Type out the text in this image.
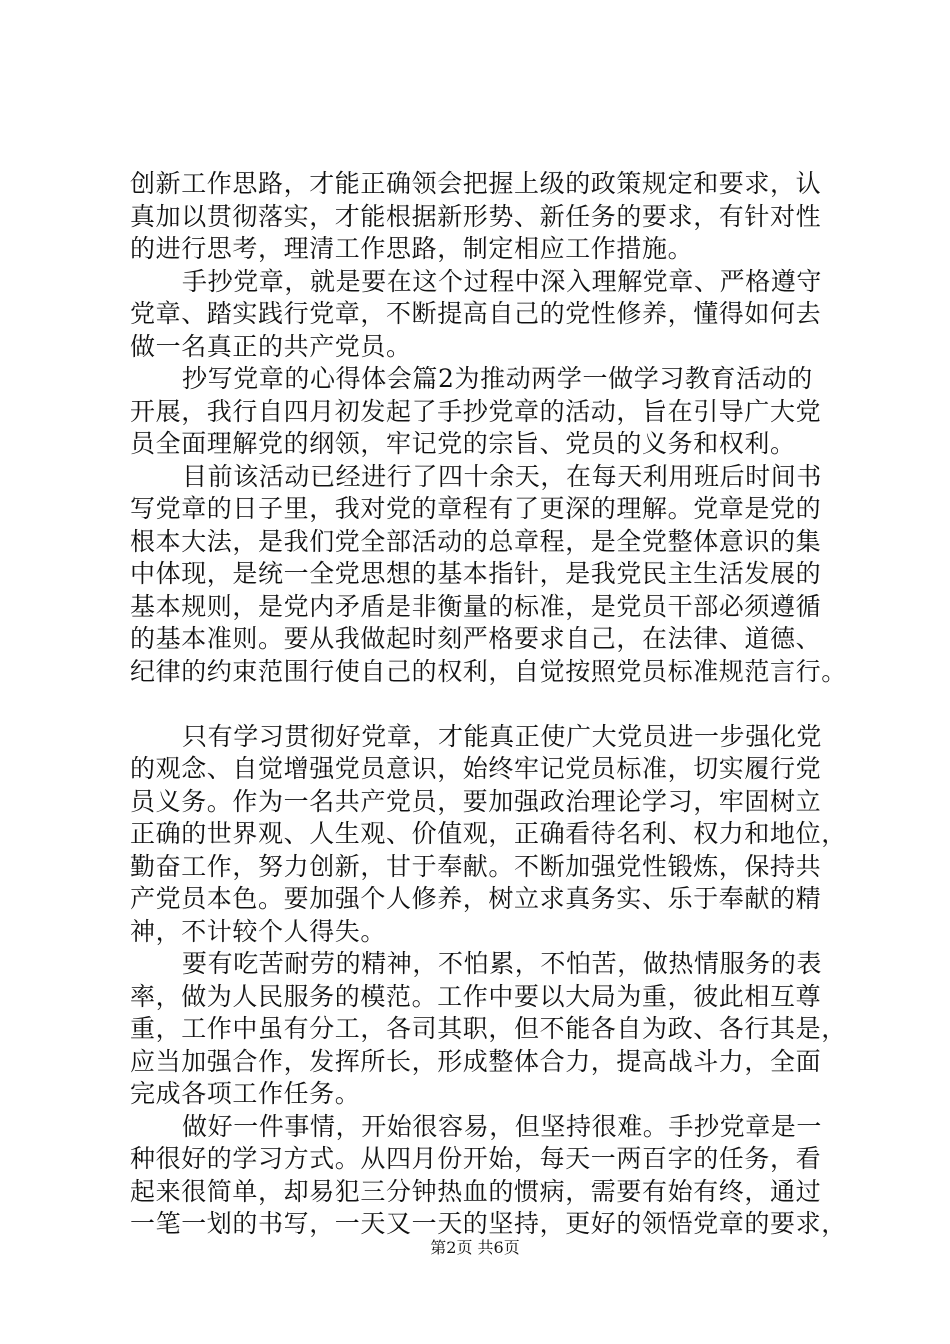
创新工作思路，才能正确领会把握上级的政策规定和要求，认
真加以贯彻落实，才能根据新形势、新任务的要求，有针对性
的进行思考，理清工作思路，制定相应工作措施。
手抄党章，就是要在这个过程中深入理解党章、严格遵守
党章、踏实践行党章，不断提高自己的党性修养，懂得如何去
做一名真正的共产党员。
抄写党章的心得体会篇2为推动两学一做学习教育活动的
开展，我行自四月初发起了手抄党章的活动，旨在引导广大党
员全面理解党的纲领，牢记党的宗旨、党员的义务和权利。
目前该活动已经进行了四十余天，在每天利用班后时间书
写党章的日子里，我对党的章程有了更深的理解。党章是党的
根本大法，是我们党全部活动的总章程，是全党整体意识的集
中体现，是统一全党思想的基本指针，是我党民主生活发展的
基本规则，是党内矛盾是非衡量的标准，是党员干部必须遵循
的基本准则。要从我做起时刻严格要求自己，在法律、道德、
纪律的约束范围行使自己的权利，自觉按照党员标准规范言行。
只有学习贯彻好党章，才能真正使广大党员进一步强化党
的观念、自觉增强党员意识，始终牢记党员标准，切实履行党
员义务。作为一名共产党员，要加强政治理论学习，牢固树立
正确的世界观、人生观、价值观，正确看待名利、权力和地位，
勤奋工作，努力创新，甘于奉献。不断加强党性锻炼，保持共
产党员本色。要加强个人修养，树立求真务实、乐于奉献的精
神，不计较个人得失。
要有吃苦耐劳的精神，不怕累，不怕苦，做热情服务的表
率，做为人民服务的模范。工作中要以大局为重，彼此相互尊
重，工作中虽有分工，各司其职，但不能各自为政、各行其是，
应当加强合作，发挥所长，形成整体合力，提高战斗力，全面
完成各项工作任务。
做好一件事情，开始很容易，但坚持很难。手抄党章是一
种很好的学习方式。从四月份开始，每天一两百字的任务，看
起来很简单，却易犯三分钟热血的惯病，需要有始有终，通过
一笔一划的书写，一天又一天的坚持，更好的领悟党章的要求，
第2页 共6页
